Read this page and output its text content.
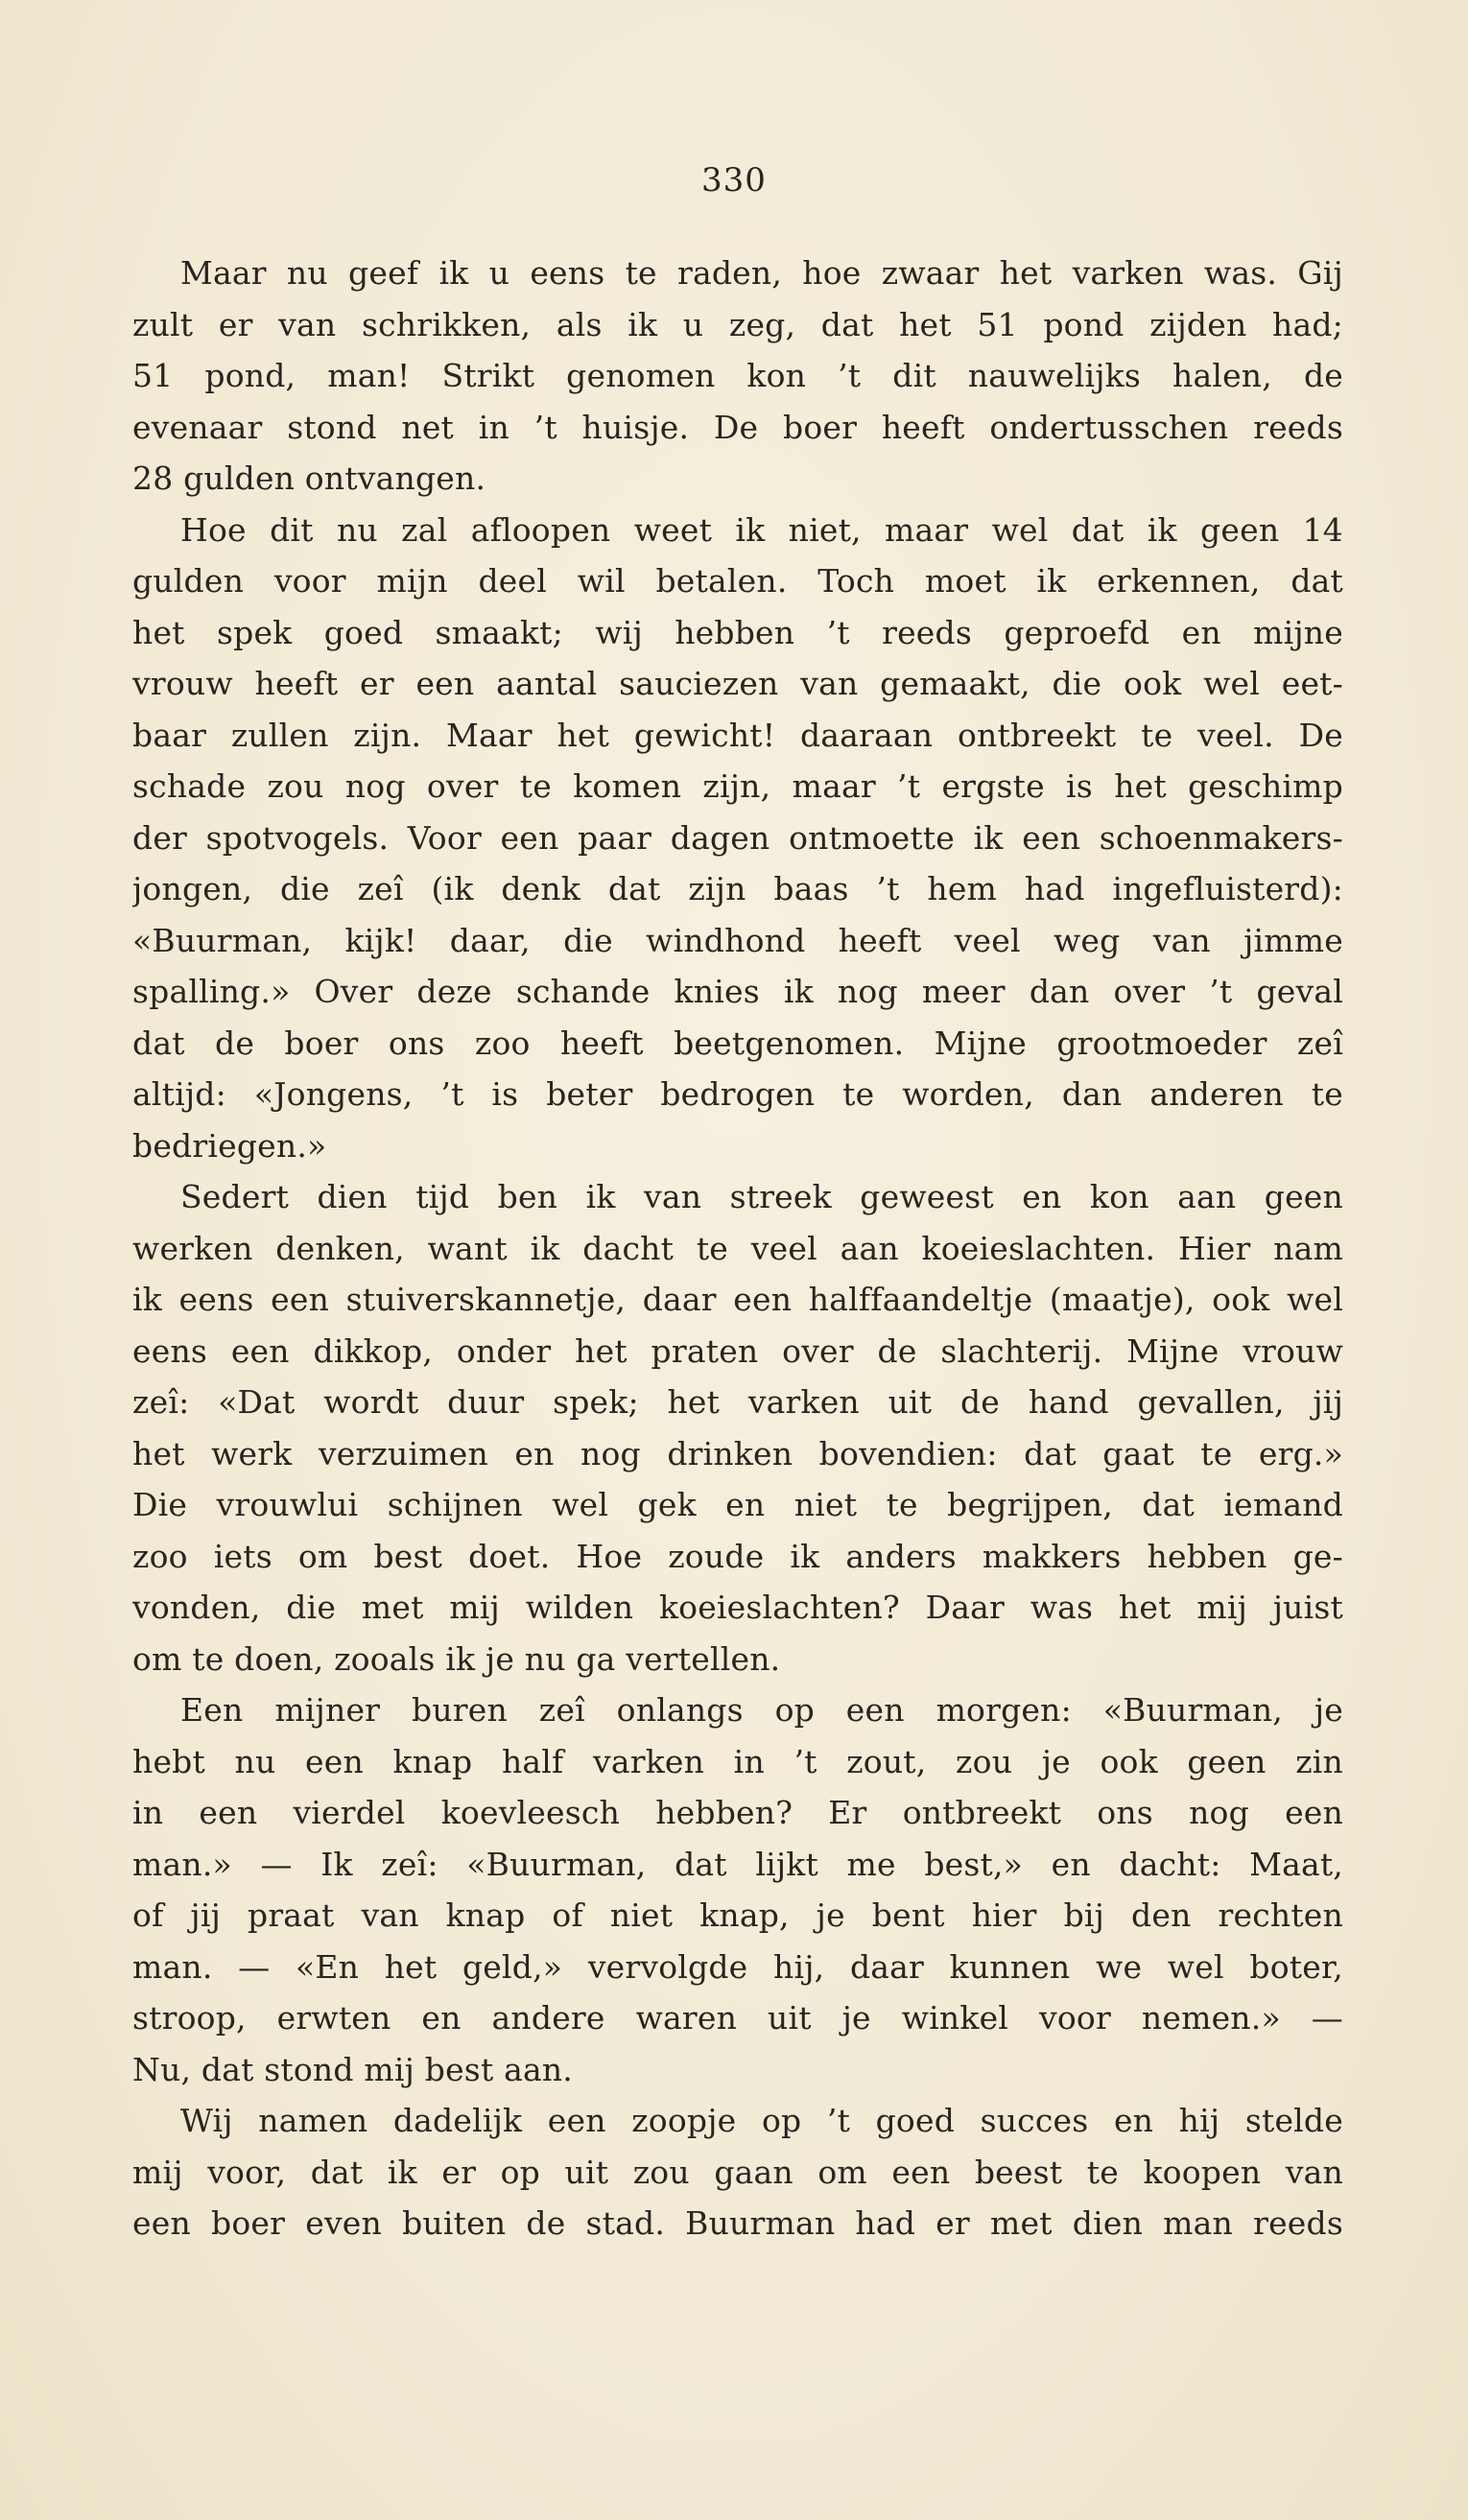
330
Maar nu geef ik u eens te raden, hoe zwaar het varken was. Gij
zult er van schrikken, als ik u zeg, dat het 51 pond zijden had;
51 pond, man! Strikt genomen kon ’t dit nauwelijks halen, de
evenaar stond net in ’t huisje. De boer heeft ondertusschen reeds
28 gulden ontvangen.
Hoe dit nu zal afloopen weet ik niet, maar wel dat ik geen 14
gulden voor mijn deel wil betalen. Toch moet ik erkennen, dat
het spek goed smaakt; wij hebben ’t reeds geproefd en mijne
vrouw heeft er een aantal sauciezen van gemaakt, die ook wel eet-
baar zullen zijn. Maar het gewicht! daaraan ontbreekt te veel. De
schade zou nog over te komen zijn, maar ’t ergste is het geschimp
der spotvogels. Voor een paar dagen ontmoette ik een schoenmakers-
jongen, die zeî (ik denk dat zijn baas ’t hem had ingefluisterd):
«Buurman, kijk! daar, die windhond heeft veel weg van jimme
spalling.» Over deze schande knies ik nog meer dan over ’t geval
dat de boer ons zoo heeft beetgenomen. Mijne grootmoeder zeî
altijd: «Jongens, ’t is beter bedrogen te worden, dan anderen te
bedriegen.»
Sedert dien tijd ben ik van streek geweest en kon aan geen
werken denken, want ik dacht te veel aan koeieslachten. Hier nam
ik eens een stuiverskannetje, daar een halffaandeltje (maatje), ook wel
eens een dikkop, onder het praten over de slachterij. Mijne vrouw
zeî: «Dat wordt duur spek; het varken uit de hand gevallen, jij
het werk verzuimen en nog drinken bovendien: dat gaat te erg.»
Die vrouwlui schijnen wel gek en niet te begrijpen, dat iemand
zoo iets om best doet. Hoe zoude ik anders makkers hebben ge-
vonden, die met mij wilden koeieslachten? Daar was het mij juist
om te doen, zooals ik je nu ga vertellen.
Een mijner buren zeî onlangs op een morgen: «Buurman, je
hebt nu een knap half varken in ’t zout, zou je ook geen zin
in een vierdel koevleesch hebben? Er ontbreekt ons nog een
man.» — Ik zeî: «Buurman, dat lijkt me best,» en dacht: Maat,
of jij praat van knap of niet knap, je bent hier bij den rechten
man. — «En het geld,» vervolgde hij, daar kunnen we wel boter,
stroop, erwten en andere waren uit je winkel voor nemen.» —
Nu, dat stond mij best aan.
Wij namen dadelijk een zoopje op ’t goed succes en hij stelde
mij voor, dat ik er op uit zou gaan om een beest te koopen van
een boer even buiten de stad. Buurman had er met dien man reeds
